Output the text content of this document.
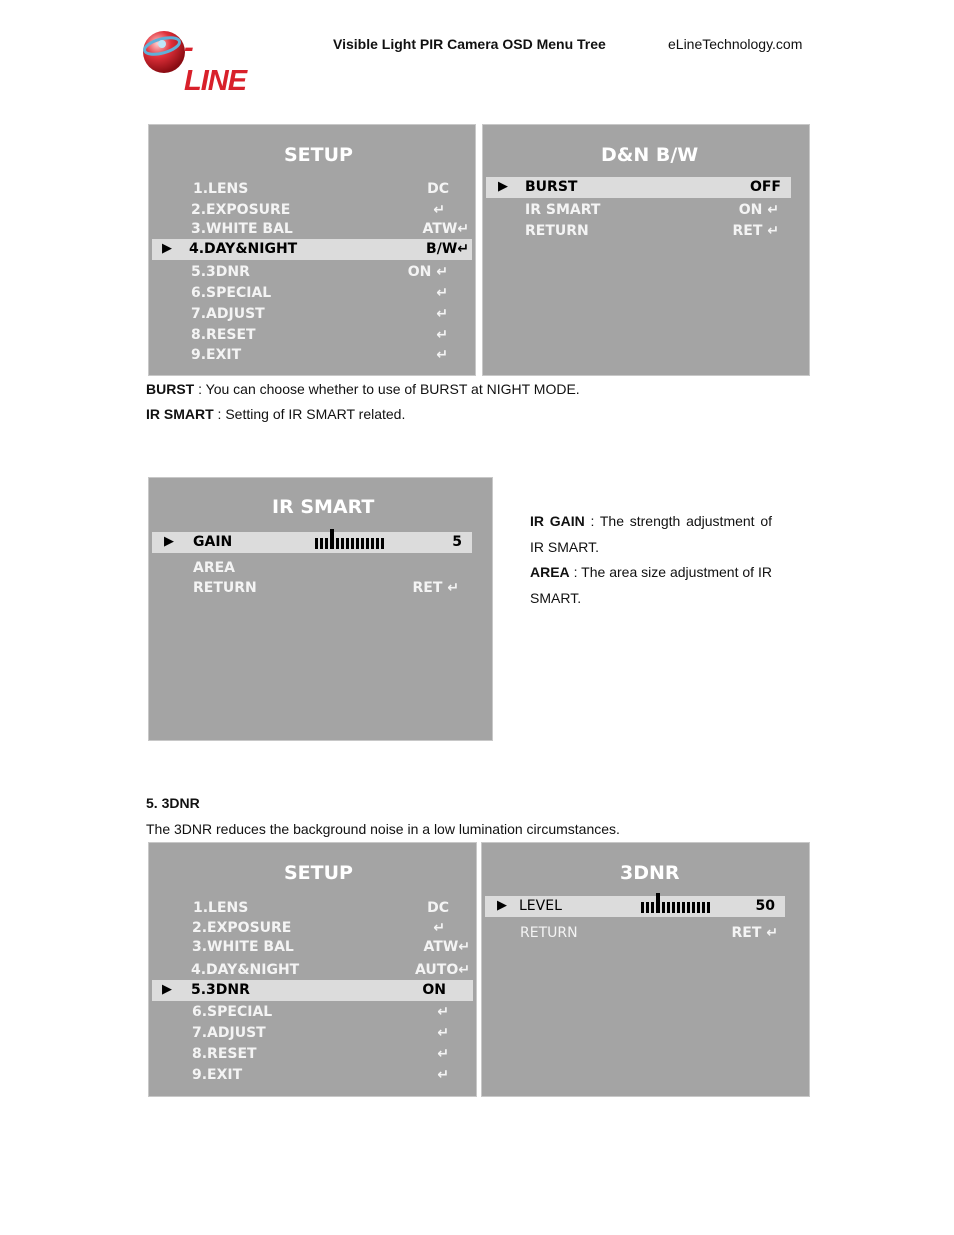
-LINE
Visible Light PIR Camera OSD Menu Tree	eLineTechnology.com
SETUP
1.LENS	DC
2.EXPOSURE	↵
3.WHITE BAL	ATW↵
▶ 4.DAY&NIGHT	B/W↵
5.3DNR	ON ↵
6.SPECIAL	↵
7.ADJUST	↵
8.RESET	↵
9.EXIT	↵
D&N B/W
▶ BURST	OFF
IR SMART	ON ↵
RETURN	RET ↵
BURST : You can choose whether to use of BURST at NIGHT MODE.
IR SMART : Setting of IR SMART related.
IR SMART
▶ GAIN	5
AREA
RETURN	RET ↵
IR GAIN : The strength adjustment of IR SMART.
AREA : The area size adjustment of IR SMART.
5. 3DNR
The 3DNR reduces the background noise in a low lumination circumstances.
SETUP
1.LENS	DC
2.EXPOSURE	↵
3.WHITE BAL	ATW↵
4.DAY&NIGHT	AUTO↵
▶ 5.3DNR	ON
6.SPECIAL	↵
7.ADJUST	↵
8.RESET	↵
9.EXIT	↵
3DNR
▶ LEVEL	50
RETURN	RET ↵
